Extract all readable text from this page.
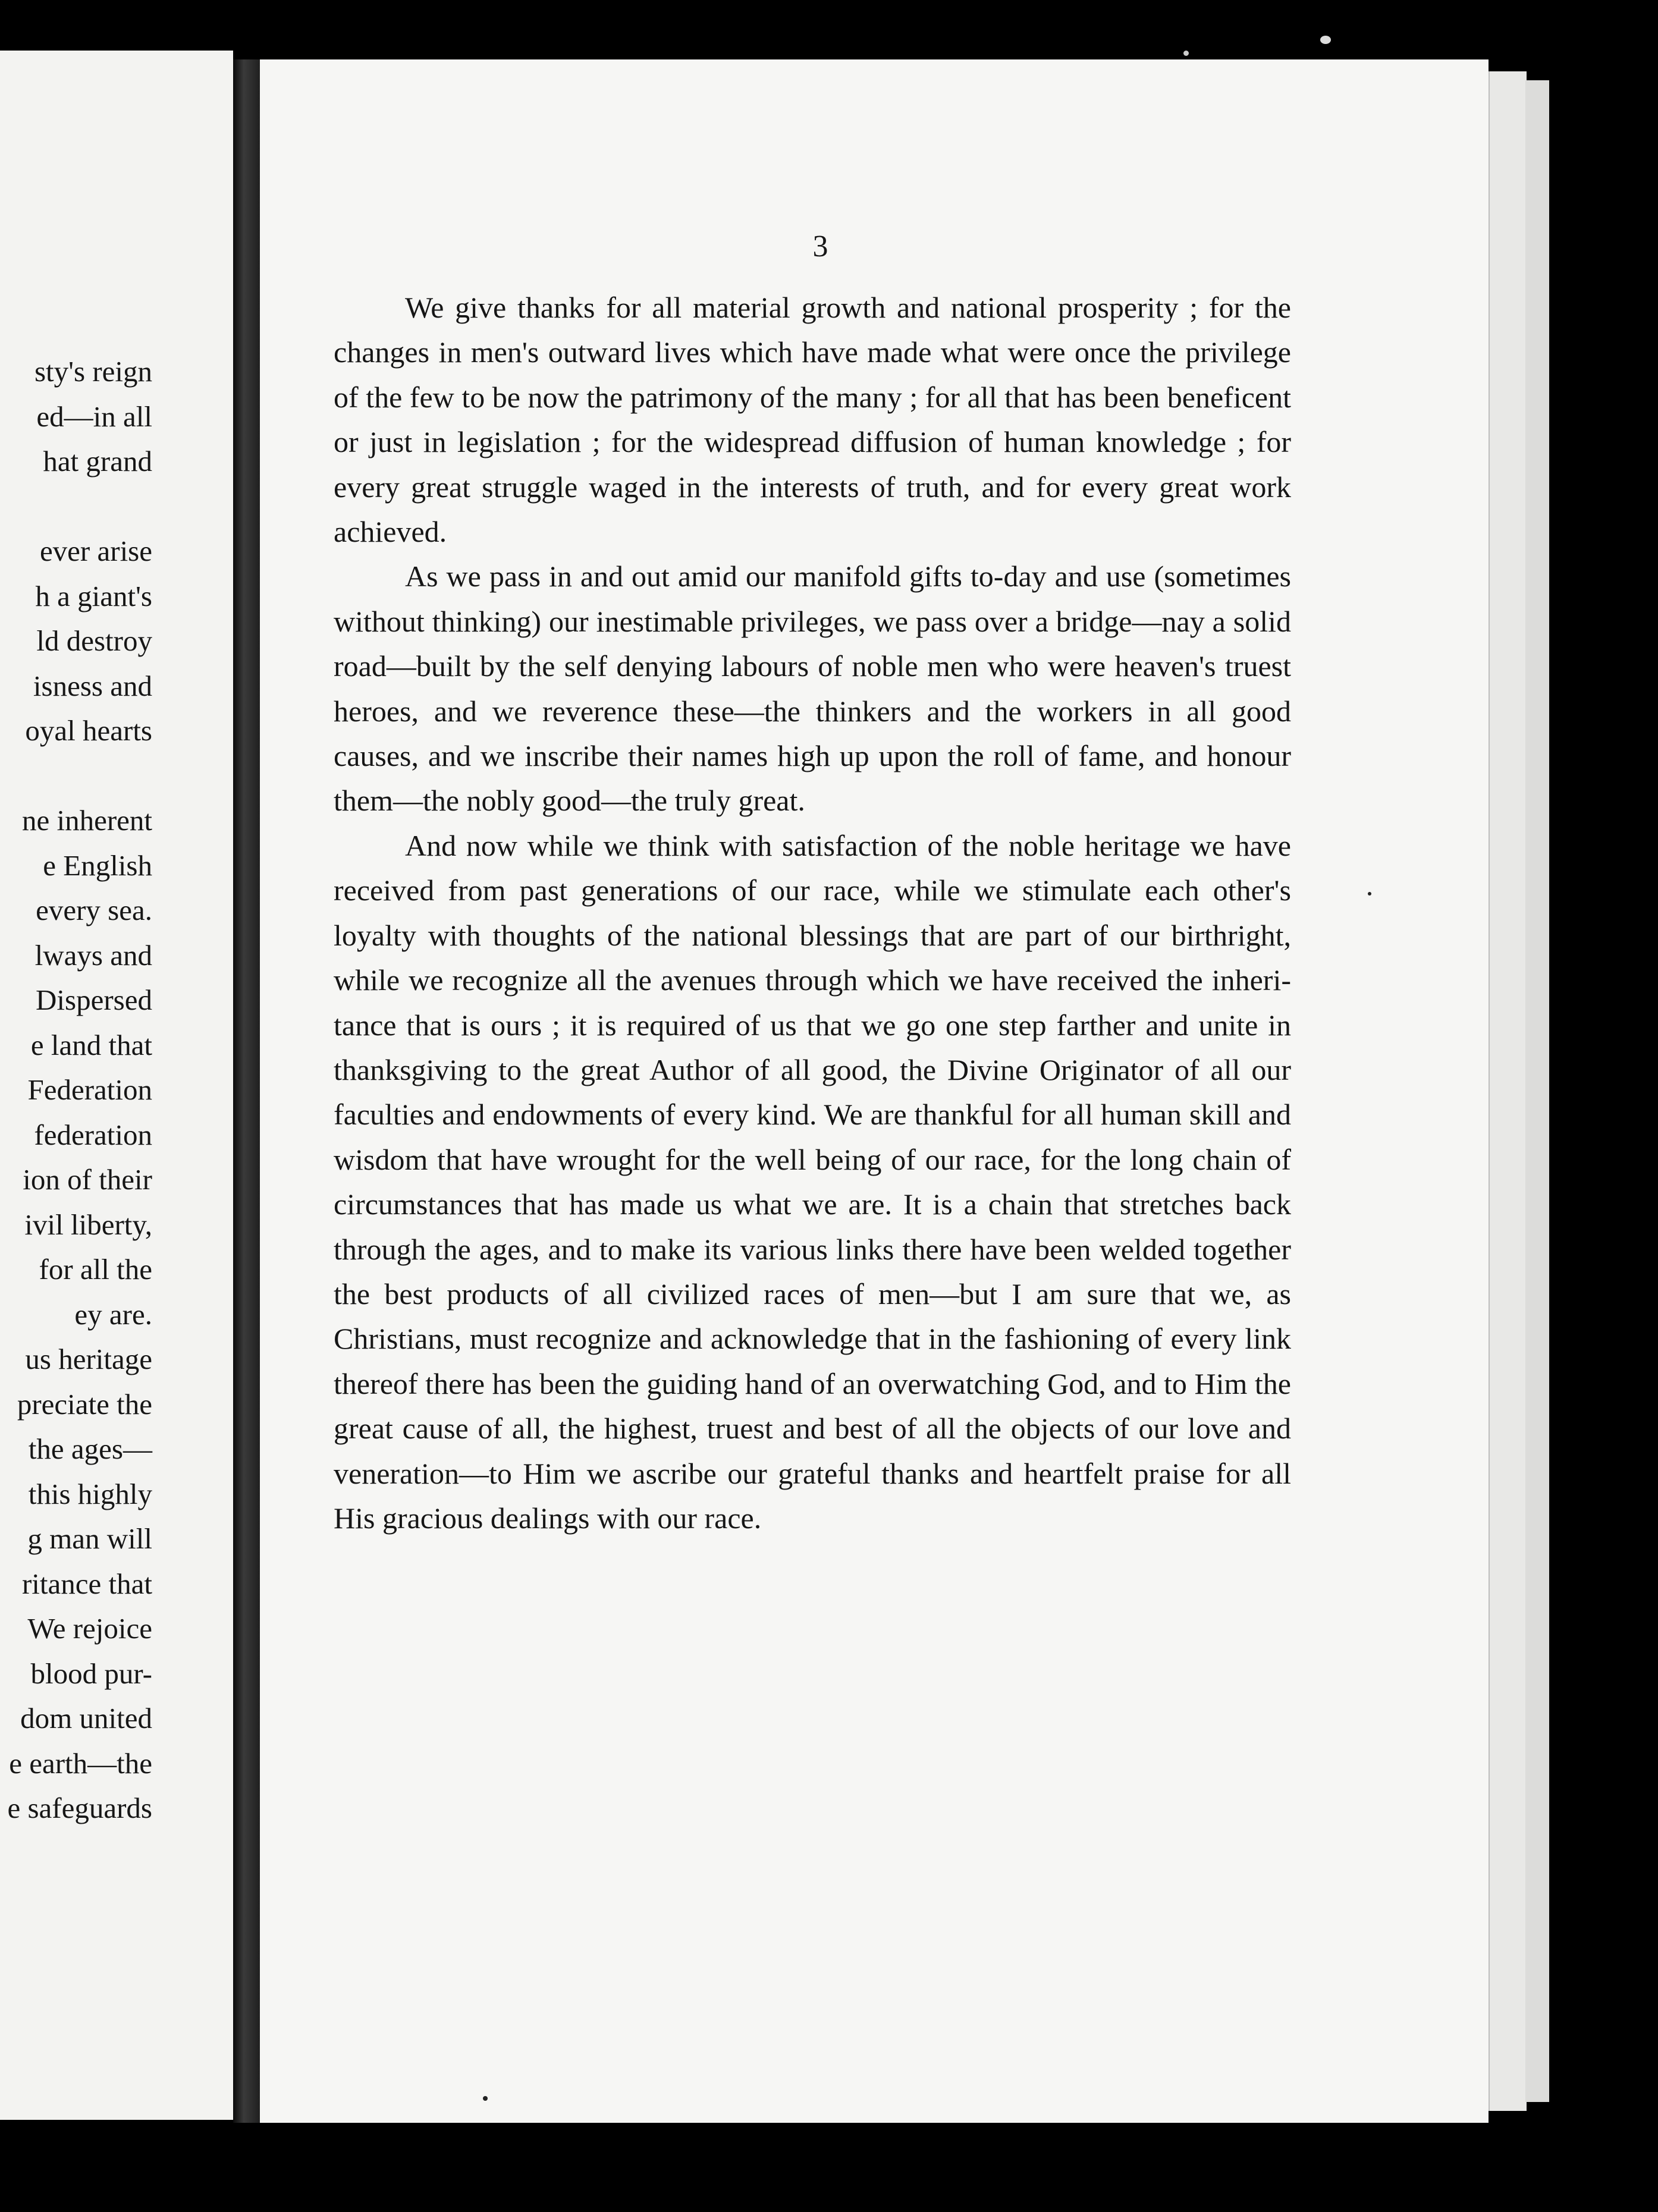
sty's reign
ed—in all
hat grand
ever arise
h a giant's
ld destroy
isness and
oyal hearts
ne inherent
e English
every sea.
lways and
Dispersed
e land that
Federation
federation
ion of their
ivil liberty,
for all the
ey are.
us heritage
preciate the
the ages—
this highly
g man will
ritance that
We rejoice
blood pur-
dom united
e earth—the
e safeguards
3

We give thanks for all material growth and national prosperity ; for the changes in men's outward lives which have made what were once the privilege of the few to be now the patrimony of the many ; for all that has been beneficent or just in legislation ; for the widespread diffusion of human knowledge ; for every great struggle waged in the interests of truth, and for every great work achieved.

As we pass in and out amid our manifold gifts to-day and use (sometimes without thinking) our inestimable privileges, we pass over a bridge—nay a solid road—built by the self denying labours of noble men who were heaven's truest heroes, and we reverence these—the thinkers and the workers in all good causes, and we inscribe their names high up upon the roll of fame, and honour them—the nobly good—the truly great.

And now while we think with satisfaction of the noble heritage we have received from past generations of our race, while we stimulate each other's loyalty with thoughts of the national blessings that are part of our birthright, while we recognize all the avenues through which we have received the inheritance that is ours ; it is required of us that we go one step farther and unite in thanksgiving to the great Author of all good, the Divine Originator of all our faculties and endowments of every kind. We are thankful for all human skill and wisdom that have wrought for the well being of our race, for the long chain of circumstances that has made us what we are. It is a chain that stretches back through the ages, and to make its various links there have been welded together the best products of all civilized races of men—but I am sure that we, as Christians, must recognize and acknowledge that in the fashioning of every link thereof there has been the guiding hand of an overwatching God, and to Him the great cause of all, the highest, truest and best of all the objects of our love and veneration—to Him we ascribe our grateful thanks and heartfelt praise for all His gracious dealings with our race.
